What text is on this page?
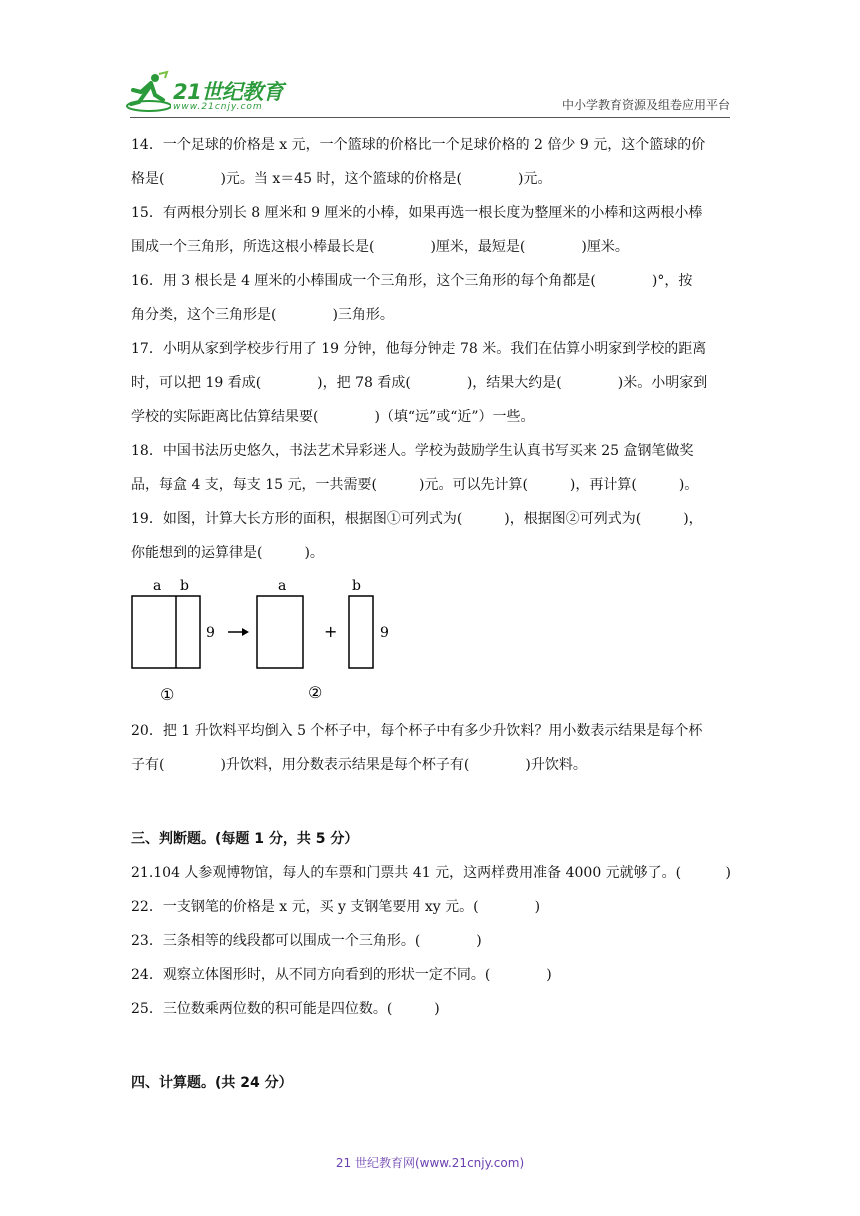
21世纪教育
www.21cnjy.com	中小学教育资源及组卷应用平台

14．一个足球的价格是 x 元，一个篮球的价格比一个足球价格的 2 倍少 9 元，这个篮球的价
格是(　　　　)元。当 x＝45 时，这个篮球的价格是(　　　　)元。

15．有两根分别长 8 厘米和 9 厘米的小棒，如果再选一根长度为整厘米的小棒和这两根小棒
围成一个三角形，所选这根小棒最长是(　　　　)厘米，最短是(　　　　)厘米。

16．用 3 根长是 4 厘米的小棒围成一个三角形，这个三角形的每个角都是(　　　　)°，按
角分类，这个三角形是(　　　　)三角形。

17．小明从家到学校步行用了 19 分钟，他每分钟走 78 米。我们在估算小明家到学校的距离
时，可以把 19 看成(　　　　)，把 78 看成(　　　　)，结果大约是(　　　　)米。小明家到
学校的实际距离比估算结果要(　　　　)（填“远”或“近”）一些。

18．中国书法历史悠久，书法艺术异彩迷人。学校为鼓励学生认真书写买来 25 盒钢笔做奖
品，每盒 4 支，每支 15 元，一共需要(　　　)元。可以先计算(　　　)，再计算(　　　)。

19．如图，计算大长方形的面积，根据图①可列式为(　　　)，根据图②可列式为(　　　)，
你能想到的运算律是(　　　)。

a b
9
①
a
+
b
9
②

20．把 1 升饮料平均倒入 5 个杯子中，每个杯子中有多少升饮料？用小数表示结果是每个杯
子有(　　　　)升饮料，用分数表示结果是每个杯子有(　　　　)升饮料。

三、判断题。(每题 1 分，共 5 分）

21.104 人参观博物馆，每人的车票和门票共 41 元，这两样费用准备 4000 元就够了。(	)

22．一支钢笔的价格是 x 元，买 y 支钢笔要用 xy 元。(　　　　)

23．三条相等的线段都可以围成一个三角形。(　　　　)

24．观察立体图形时，从不同方向看到的形状一定不同。(　　　　)

25．三位数乘两位数的积可能是四位数。(　　　)

四、计算题。(共 24 分）

21 世纪教育网(www.21cnjy.com)
